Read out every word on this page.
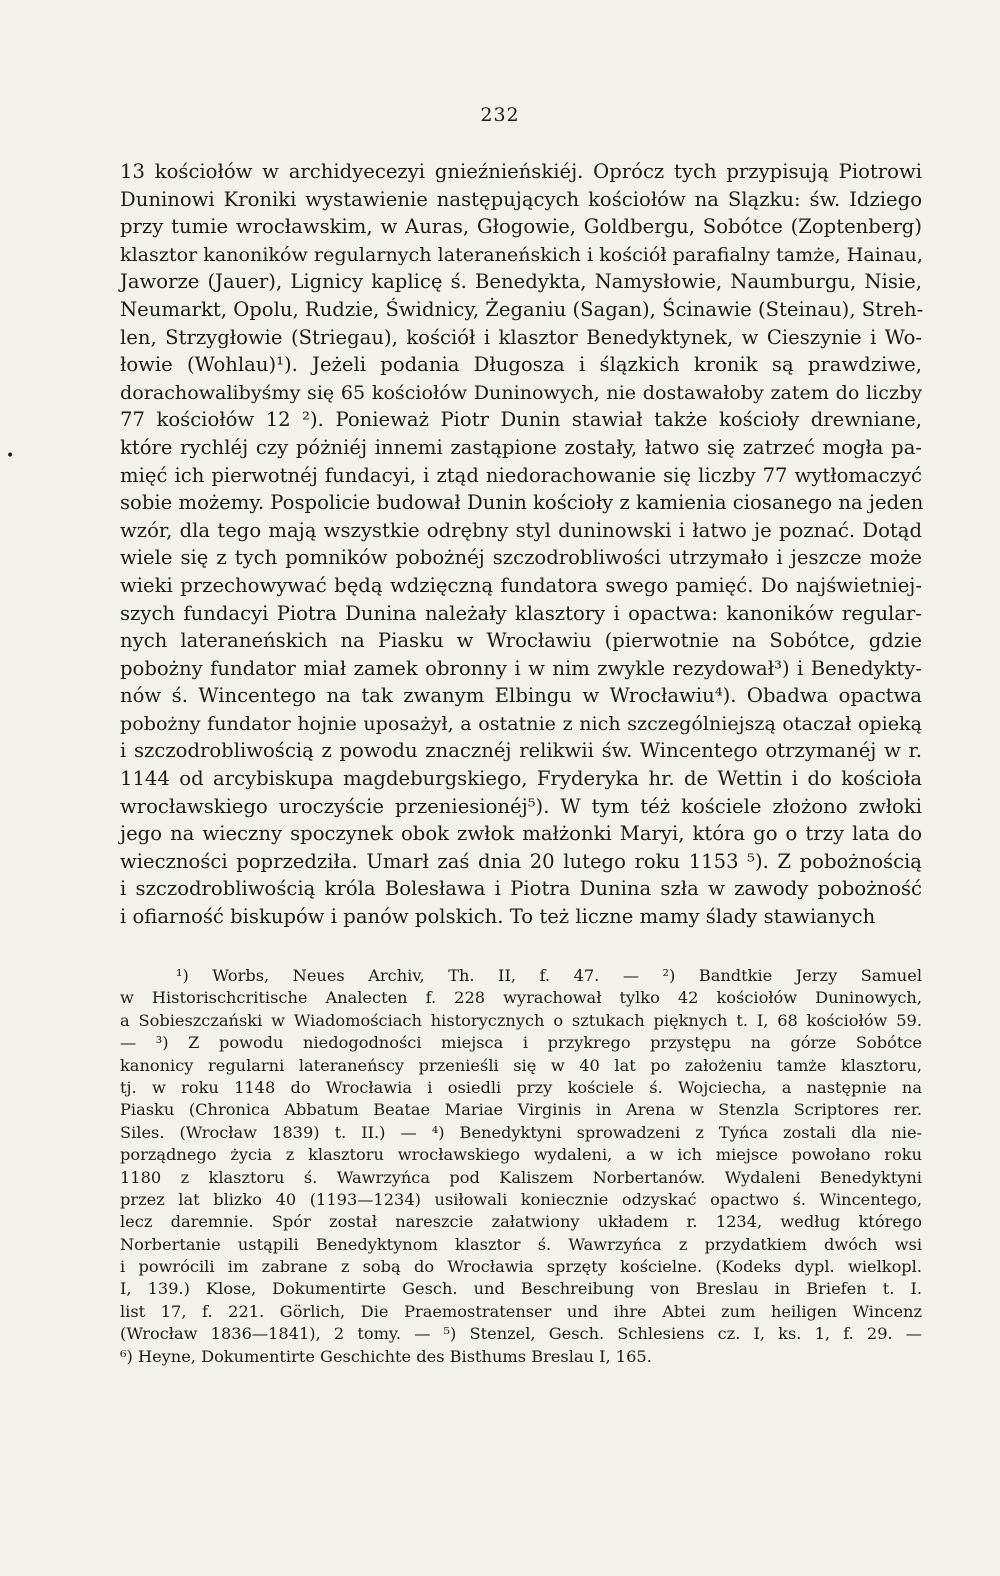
232
•
13 kościołów w archidyecezyi gnieźnieńskiéj. Oprócz tych przypisują Piotrowi
Duninowi Kroniki wystawienie następujących kościołów na Slązku: św. Idziego
przy tumie wrocławskim, w Auras, Głogowie, Goldbergu, Sobótce (Zoptenberg)
klasztor kanoników regularnych lateraneńskich i kościół parafialny tamże, Hainau,
Jaworze (Jauer), Lignicy kaplicę ś. Benedykta, Namysłowie, Naumburgu, Nisie,
Neumarkt, Opolu, Rudzie, Świdnicy, Żeganiu (Sagan), Ścinawie (Steinau), Streh-
len, Strzygłowie (Striegau), kościół i klasztor Benedyktynek, w Cieszynie i Wo-
łowie (Wohlau)¹). Jeżeli podania Długosza i ślązkich kronik są prawdziwe,
dorachowalibyśmy się 65 kościołów Duninowych, nie dostawałoby zatem do liczby
77 kościołów 12 ²). Ponieważ Piotr Dunin stawiał także kościoły drewniane,
które rychléj czy póżniéj innemi zastąpione zostały, łatwo się zatrzeć mogła pa-
mięć ich pierwotnéj fundacyi, i ztąd niedorachowanie się liczby 77 wytłomaczyć
sobie możemy. Pospolicie budował Dunin kościoły z kamienia ciosanego na jeden
wzór, dla tego mają wszystkie odrębny styl duninowski i łatwo je poznać. Dotąd
wiele się z tych pomników pobożnéj szczodrobliwości utrzymało i jeszcze może
wieki przechowywać będą wdzięczną fundatora swego pamięć. Do najświetniej-
szych fundacyi Piotra Dunina należały klasztory i opactwa: kanoników regular-
nych lateraneńskich na Piasku w Wrocławiu (pierwotnie na Sobótce, gdzie
pobożny fundator miał zamek obronny i w nim zwykle rezydował³) i Benedykty-
nów ś. Wincentego na tak zwanym Elbingu w Wrocławiu⁴). Obadwa opactwa
pobożny fundator hojnie uposażył, a ostatnie z nich szczególniejszą otaczał opieką
i szczodrobliwością z powodu znacznéj relikwii św. Wincentego otrzymanéj w r.
1144 od arcybiskupa magdeburgskiego, Fryderyka hr. de Wettin i do kościoła
wrocławskiego uroczyście przeniesionéj⁵). W tym téż kościele złożono zwłoki
jego na wieczny spoczynek obok zwłok małżonki Maryi, która go o trzy lata do
wieczności poprzedziła. Umarł zaś dnia 20 lutego roku 1153 ⁵). Z pobożnością
i szczodrobliwością króla Bolesława i Piotra Dunina szła w zawody pobożność
i ofiarność biskupów i panów polskich. To też liczne mamy ślady stawianych
¹) Worbs, Neues Archiv, Th. II, f. 47. — ²) Bandtkie Jerzy Samuel
w Historischcritische Analecten f. 228 wyrachował tylko 42 kościołów Duninowych,
a Sobieszczański w Wiadomościach historycznych o sztukach pięknych t. I, 68 kościołów 59.
— ³) Z powodu niedogodności miejsca i przykrego przystępu na górze Sobótce
kanonicy regularni lateraneńscy przenieśli się w 40 lat po założeniu tamże klasztoru,
tj. w roku 1148 do Wrocławia i osiedli przy kościele ś. Wojciecha, a następnie na
Piasku (Chronica Abbatum Beatae Mariae Virginis in Arena w Stenzla Scriptores rer.
Siles. (Wrocław 1839) t. II.) — ⁴) Benedyktyni sprowadzeni z Tyńca zostali dla nie-
porządnego życia z klasztoru wrocławskiego wydaleni, a w ich miejsce powołano roku
1180 z klasztoru ś. Wawrzyńca pod Kaliszem Norbertanów. Wydaleni Benedyktyni
przez lat blizko 40 (1193—1234) usiłowali koniecznie odzyskać opactwo ś. Wincentego,
lecz daremnie. Spór został nareszcie załatwiony układem r. 1234, według którego
Norbertanie ustąpili Benedyktynom klasztor ś. Wawrzyńca z przydatkiem dwóch wsi
i powrócili im zabrane z sobą do Wrocławia sprzęty kościelne. (Kodeks dypl. wielkopl.
I, 139.) Klose, Dokumentirte Gesch. und Beschreibung von Breslau in Briefen t. I.
list 17, f. 221. Görlich, Die Praemostratenser und ihre Abtei zum heiligen Wincenz
(Wrocław 1836—1841), 2 tomy. — ⁵) Stenzel, Gesch. Schlesiens cz. I, ks. 1, f. 29. —
⁶) Heyne, Dokumentirte Geschichte des Bisthums Breslau I, 165.
